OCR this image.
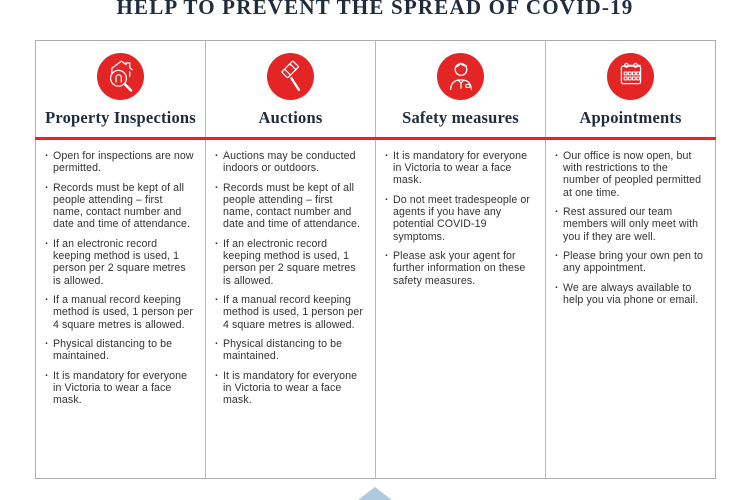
HELP TO PREVENT THE SPREAD OF COVID-19
Property Inspections
· Open for inspections are now permitted.
· Records must be kept of all people attending – first name, contact number and date and time of attendance.
· If an electronic record keeping method is used, 1 person per 2 square metres is allowed.
· If a manual record keeping method is used, 1 person per 4 square metres is allowed.
· Physical distancing to be maintained.
· It is mandatory for everyone in Victoria to wear a face mask.
Auctions
· Auctions may be conducted indoors or outdoors.
· Records must be kept of all people attending – first name, contact number and date and time of attendance.
· If an electronic record keeping method is used, 1 person per 2 square metres is allowed.
· If a manual record keeping method is used, 1 person per 4 square metres is allowed.
· Physical distancing to be maintained.
· It is mandatory for everyone in Victoria to wear a face mask.
Safety measures
· It is mandatory for everyone in Victoria to wear a face mask.
· Do not meet tradespeople or agents if you have any potential COVID-19 symptoms.
· Please ask your agent for further information on these safety measures.
Appointments
· Our office is now open, but with restrictions to the number of peopled permitted at one time.
· Rest assured our team members will only meet with you if they are well.
· Please bring your own pen to any appointment.
· We are always available to help you via phone or email.
